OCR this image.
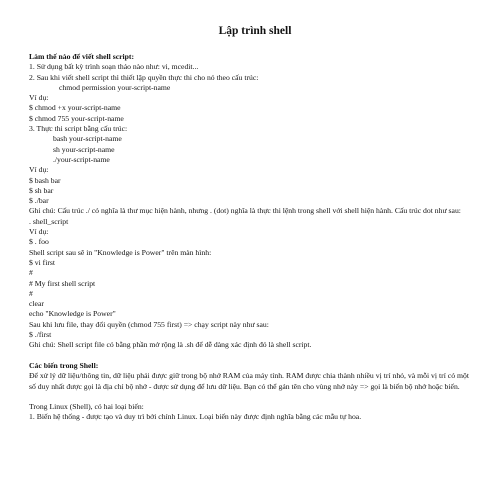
Lập trình shell
Làm thế nào để viết shell script:
1. Sử dụng bất kỳ trình soạn thảo nào như: vi, mcedit...
2. Sau khi viết shell script thì thiết lập quyền thực thi cho nó theo cấu trúc:
chmod permission your-script-name
Ví dụ:
$ chmod +x your-script-name
$ chmod 755 your-script-name
3. Thực thi script bằng cấu trúc:
bash your-script-name
sh your-script-name
./your-script-name
Ví dụ:
$ bash bar
$ sh bar
$ ./bar
Ghi chú: Cấu trúc ./ có nghĩa là thư mục hiện hành, nhưng . (dot) nghĩa là thực thi lệnh trong shell với shell hiện hành. Cấu trúc dot như sau:
. shell_script
Ví dụ:
$ . foo
Shell script sau sẽ in "Knowledge is Power" trên màn hình:
$ vi first
#
# My first shell script
#
clear
echo "Knowledge is Power"
Sau khi lưu file, thay đổi quyền (chmod 755 first) => chạy script này như sau:
$ ./first
Ghi chú: Shell script file có bằng phần mở rộng là .sh để dễ dàng xác định đó là shell script.
Các biến trong Shell:
Để xử lý dữ liệu/thông tin, dữ liệu phải được giữ trong bộ nhớ RAM của máy tính. RAM được chia thành nhiều vị trí nhỏ, và mỗi vị trí có một số duy nhất được gọi là địa chỉ bộ nhớ - được sử dụng để lưu dữ liệu. Bạn có thể gán tên cho vùng nhớ này => gọi là biến bộ nhớ hoặc biến.
Trong Linux (Shell), có hai loại biến:
1. Biến hệ thống - được tạo và duy trì bởi chính Linux. Loại biến này được định nghĩa bằng các mẫu tự hoa.
